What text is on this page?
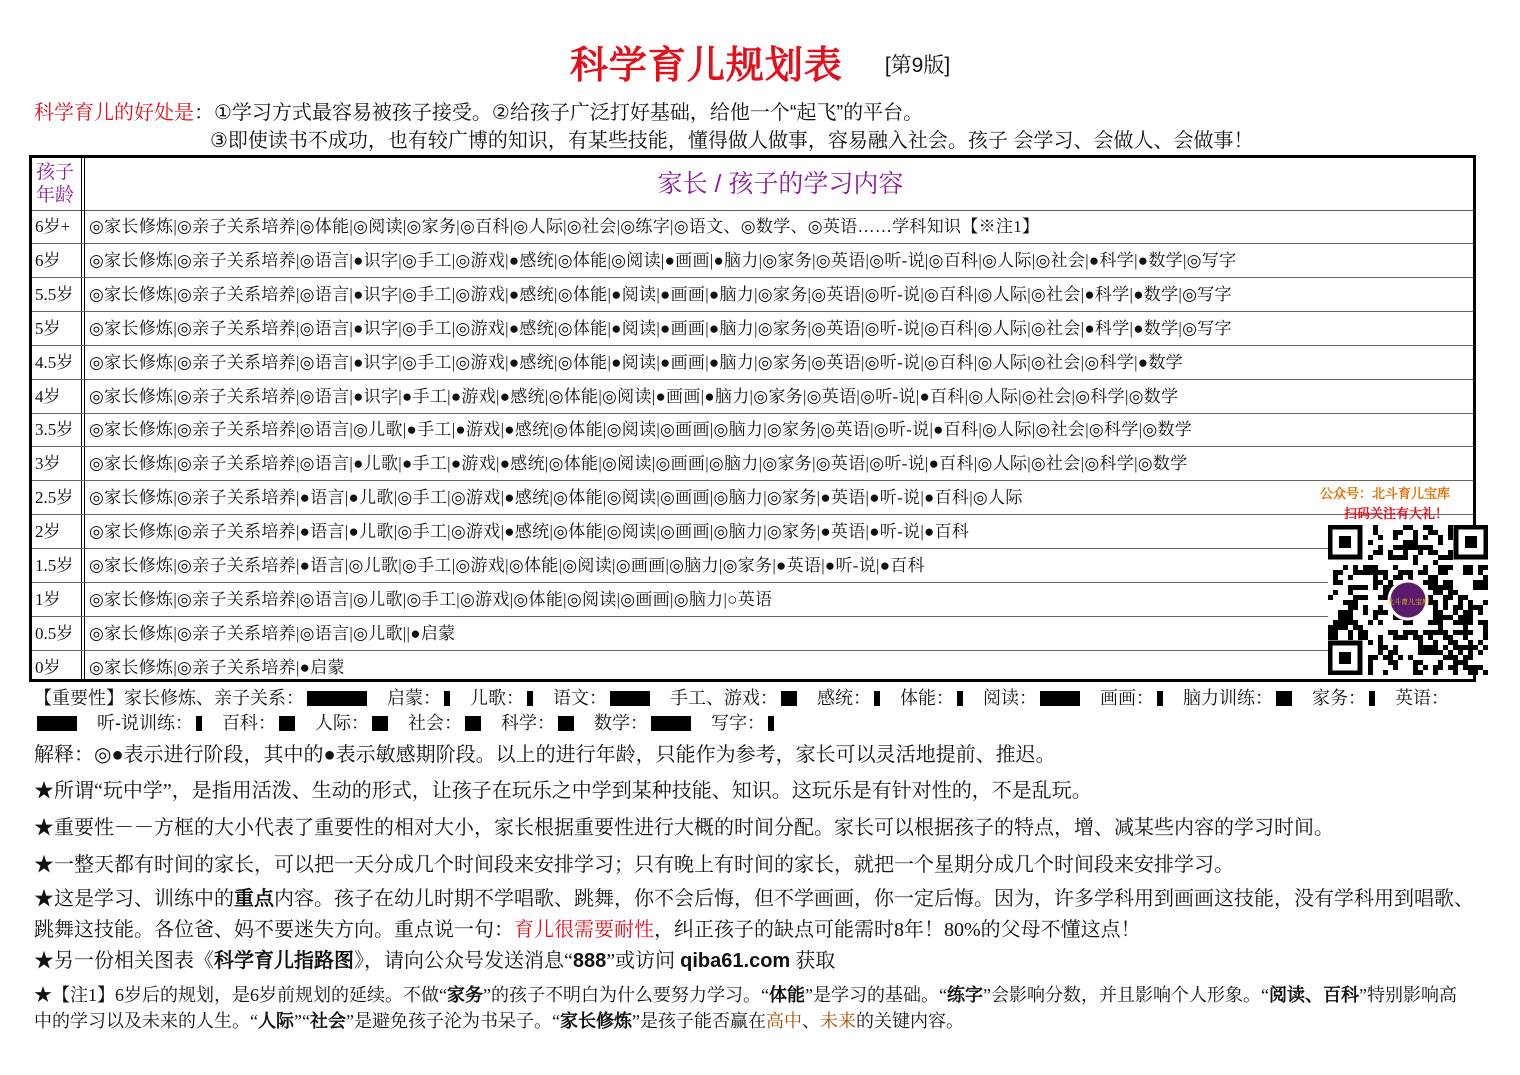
科学育儿规划表 [第9版]
科学育儿的好处是：①学习方式最容易被孩子接受。②给孩子广泛打好基础，给他一个“起飞”的平台。
③即使读书不成功，也有较广博的知识，有某些技能，懂得做人做事，容易融入社会。孩子 会学习、会做人、会做事！
孩子
年龄	家长 / 孩子的学习内容
6岁+	◎家长修炼|◎亲子关系培养|◎体能|◎阅读|◎家务|◎百科|◎人际|◎社会|◎练字|◎语文、◎数学、◎英语……学科知识【※注1】
6岁	◎家长修炼|◎亲子关系培养|◎语言|●识字|◎手工|◎游戏|●感统|◎体能|◎阅读|●画画|●脑力|◎家务|◎英语|◎听-说|◎百科|◎人际|◎社会|●科学|●数学|◎写字
5.5岁 ◎家长修炼|◎亲子关系培养|◎语言|●识字|◎手工|◎游戏|●感统|◎体能|●阅读|●画画|●脑力|◎家务|◎英语|◎听-说|◎百科|◎人际|◎社会|●科学|●数学|◎写字
5岁	◎家长修炼|◎亲子关系培养|◎语言|●识字|◎手工|◎游戏|●感统|◎体能|●阅读|●画画|●脑力|◎家务|◎英语|◎听-说|◎百科|◎人际|◎社会|●科学|●数学|◎写字
4.5岁 ◎家长修炼|◎亲子关系培养|◎语言|●识字|◎手工|◎游戏|●感统|◎体能|●阅读|●画画|●脑力|◎家务|◎英语|◎听-说|◎百科|◎人际|◎社会|◎科学|●数学
4岁	◎家长修炼|◎亲子关系培养|◎语言|●识字|●手工|●游戏|●感统|◎体能|◎阅读|●画画|●脑力|◎家务|◎英语|◎听-说|●百科|◎人际|◎社会|◎科学|◎数学
3.5岁 ◎家长修炼|◎亲子关系培养|◎语言|◎儿歌|●手工|●游戏|●感统|◎体能|◎阅读|◎画画|◎脑力|◎家务|◎英语|◎听-说|●百科|◎人际|◎社会|◎科学|◎数学
3岁	◎家长修炼|◎亲子关系培养|◎语言|●儿歌|●手工|●游戏|●感统|◎体能|◎阅读|◎画画|◎脑力|◎家务|◎英语|◎听-说|●百科|◎人际|◎社会|◎科学|◎数学
2.5岁 ◎家长修炼|◎亲子关系培养|●语言|●儿歌|◎手工|◎游戏|●感统|◎体能|◎阅读|◎画画|◎脑力|◎家务|●英语|●听-说|●百科|◎人际
2岁	◎家长修炼|◎亲子关系培养|●语言|●儿歌|◎手工|◎游戏|●感统|◎体能|◎阅读|◎画画|◎脑力|◎家务|●英语|●听-说|●百科
1.5岁 ◎家长修炼|◎亲子关系培养|●语言|◎儿歌|◎手工|◎游戏|◎体能|◎阅读|◎画画|◎脑力|◎家务|●英语|●听-说|●百科
1岁	◎家长修炼|◎亲子关系培养|◎语言|◎儿歌|◎手工|◎游戏|◎体能|◎阅读|◎画画|◎脑力|○英语
0.5岁 ◎家长修炼|◎亲子关系培养|◎语言|◎儿歌||●启蒙
0岁	◎家长修炼|◎亲子关系培养|●启蒙
公众号：北斗育儿宝库
扫码关注有大礼！
北斗育儿宝库
【重要性】家长修炼、亲子关系：	启蒙： 儿歌： 语文：	手工、游戏： 感统： 体能： 阅读：	画画： 脑力训练： 家务： 英语：听-说训练： 百科： 人际： 社会： 科学： 数学：	写字：
解释：◎●表示进行阶段，其中的●表示敏感期阶段。以上的进行年龄，只能作为参考，家长可以灵活地提前、推迟。
★所谓“玩中学”，是指用活泼、生动的形式，让孩子在玩乐之中学到某种技能、知识。这玩乐是有针对性的，不是乱玩。
★重要性－－方框的大小代表了重要性的相对大小，家长根据重要性进行大概的时间分配。家长可以根据孩子的特点，增、减某些内容的学习时间。
★一整天都有时间的家长，可以把一天分成几个时间段来安排学习；只有晚上有时间的家长，就把一个星期分成几个时间段来安排学习。
★这是学习、训练中的重点内容。孩子在幼儿时期不学唱歌、跳舞，你不会后悔，但不学画画，你一定后悔。因为，许多学科用到画画这技能，没有学科用到唱歌、跳舞这技能。各位爸、妈不要迷失方向。重点说一句：育儿很需要耐性，纠正孩子的缺点可能需时8年！80%的父母不懂这点！
★另一份相关图表《科学育儿指路图》，请向公众号发送消息“888”或访问 qiba61.com 获取
★【注1】6岁后的规划，是6岁前规划的延续。不做“家务”的孩子不明白为什么要努力学习。“体能”是学习的基础。“练字”会影响分数，并且影响个人形象。“阅读、百科”特别影响高中的学习以及未来的人生。“人际”“社会”是避免孩子沦为书呆子。“家长修炼”是孩子能否赢在高中、未来的关键内容。
